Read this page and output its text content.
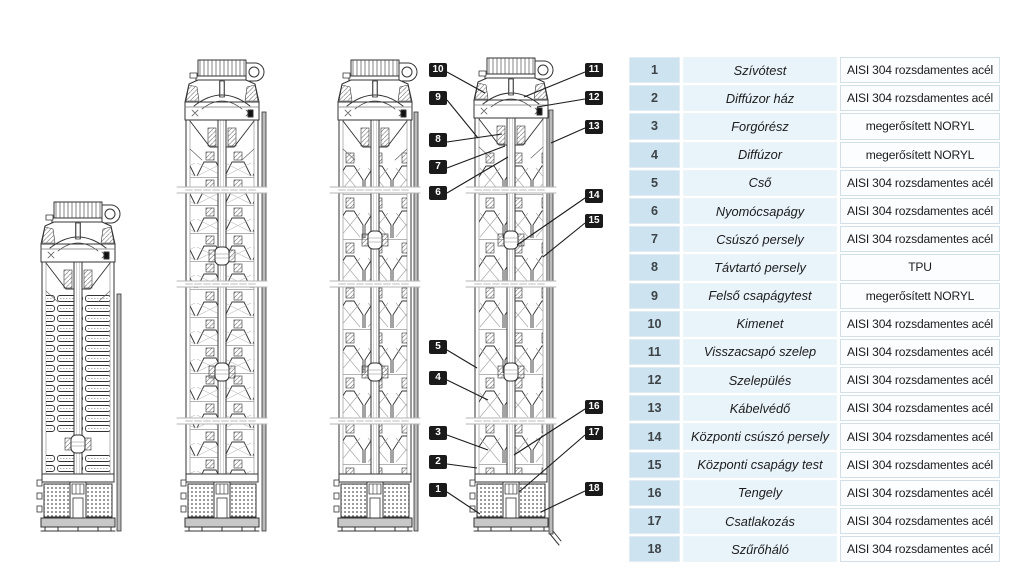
10
9
8
7
6
5
4
3
2
1
11
12
13
14
15
16
17
18
1	Szívótest	AISI 304 rozsdamentes acél
2	Diffúzor ház	AISI 304 rozsdamentes acél
3	Forgórész	megerősített NORYL
4	Diffúzor	megerősített NORYL
5	Cső	AISI 304 rozsdamentes acél
6	Nyomócsapágy	AISI 304 rozsdamentes acél
7	Csúszó persely	AISI 304 rozsdamentes acél
8	Távtartó persely	TPU
9	Felső csapágytest	megerősített NORYL
10	Kimenet	AISI 304 rozsdamentes acél
11	Visszacsapó szelep	AISI 304 rozsdamentes acél
12	Szelepülés	AISI 304 rozsdamentes acél
13	Kábelvédő	AISI 304 rozsdamentes acél
14	Központi csúszó persely	AISI 304 rozsdamentes acél
15	Központi csapágy test	AISI 304 rozsdamentes acél
16	Tengely	AISI 304 rozsdamentes acél
17	Csatlakozás	AISI 304 rozsdamentes acél
18	Szűrőháló	AISI 304 rozsdamentes acél
